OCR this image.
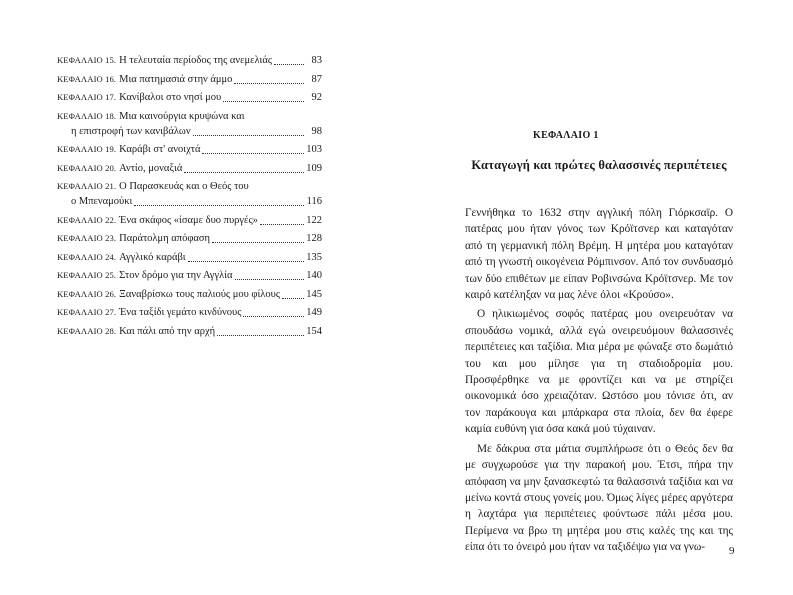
ΚΕΦΑΛΑΙΟ 15. Η τελευταία περίοδος της ανεμελιάς	83
ΚΕΦΑΛΑΙΟ 16. Μια πατημασιά στην άμμο	87
ΚΕΦΑΛΑΙΟ 17. Κανίβαλοι στο νησί μου	92
ΚΕΦΑΛΑΙΟ 18. Μια καινούργια κρυψώνα και
η επιστροφή των κανιβάλων	98
ΚΕΦΑΛΑΙΟ 19. Καράβι στ' ανοιχτά	103
ΚΕΦΑΛΑΙΟ 20. Αντίο, μοναξιά	109
ΚΕΦΑΛΑΙΟ 21. Ο Παρασκευάς και ο Θεός του
ο Μπεναμούκι	116
ΚΕΦΑΛΑΙΟ 22. Ένα σκάφος «ίσαμε δυο πυργές»	122
ΚΕΦΑΛΑΙΟ 23. Παράτολμη απόφαση	128
ΚΕΦΑΛΑΙΟ 24. Αγγλικό καράβι	135
ΚΕΦΑΛΑΙΟ 25. Στον δρόμο για την Αγγλία	140
ΚΕΦΑΛΑΙΟ 26. Ξαναβρίσκω τους παλιούς μου φίλους 145
ΚΕΦΑΛΑΙΟ 27. Ένα ταξίδι γεμάτο κινδύνους	149
ΚΕΦΑΛΑΙΟ 28. Και πάλι από την αρχή	154
ΚΕΦΑΛΑΙΟ 1
Καταγωγή και πρώτες θαλασσινές περιπέτειες

Γεννήθηκα το 1632 στην αγγλική πόλη Γιόρκσαϊρ. Ο πατέρας μου ήταν γόνος των Κρόϊτσνερ και καταγόταν από τη γερμανική πόλη Βρέμη. Η μητέρα μου καταγόταν από τη γνωστή οικογένεια Ρόμπινσον. Από τον συνδυασμό των δύο επιθέτων με είπαν Ροβινσώνα Κρόϊτσνερ. Με τον καιρό κατέληξαν να μας λένε όλοι «Κρούσο».

Ο ηλικιωμένος σοφός πατέρας μου ονειρευόταν να σπουδάσω νομικά, αλλά εγώ ονειρευόμουν θαλασσινές περιπέτειες και ταξίδια. Μια μέρα με φώναξε στο δωμάτιό του και μου μίλησε για τη σταδιοδρομία μου. Προσφέρθηκε να με φροντίζει και να με στηρίζει οικονομικά όσο χρειαζόταν. Ωστόσο μου τόνισε ότι, αν τον παράκουγα και μπάρκαρα στα πλοία, δεν θα έφερε καμία ευθύνη για όσα κακά μού τύχαιναν.

Με δάκρυα στα μάτια συμπλήρωσε ότι ο Θεός δεν θα με συγχωρούσε για την παρακοή μου. Έτσι, πήρα την απόφαση να μην ξανασκεφτώ τα θαλασσινά ταξίδια και να μείνω κοντά στους γονείς μου. Όμως λίγες μέρες αργότερα η λαχτάρα για περιπέτειες φούντωσε πάλι μέσα μου. Περίμενα να βρω τη μητέρα μου στις καλές της και της είπα ότι το όνειρό μου ήταν να ταξιδέψω για να γνω-	9
